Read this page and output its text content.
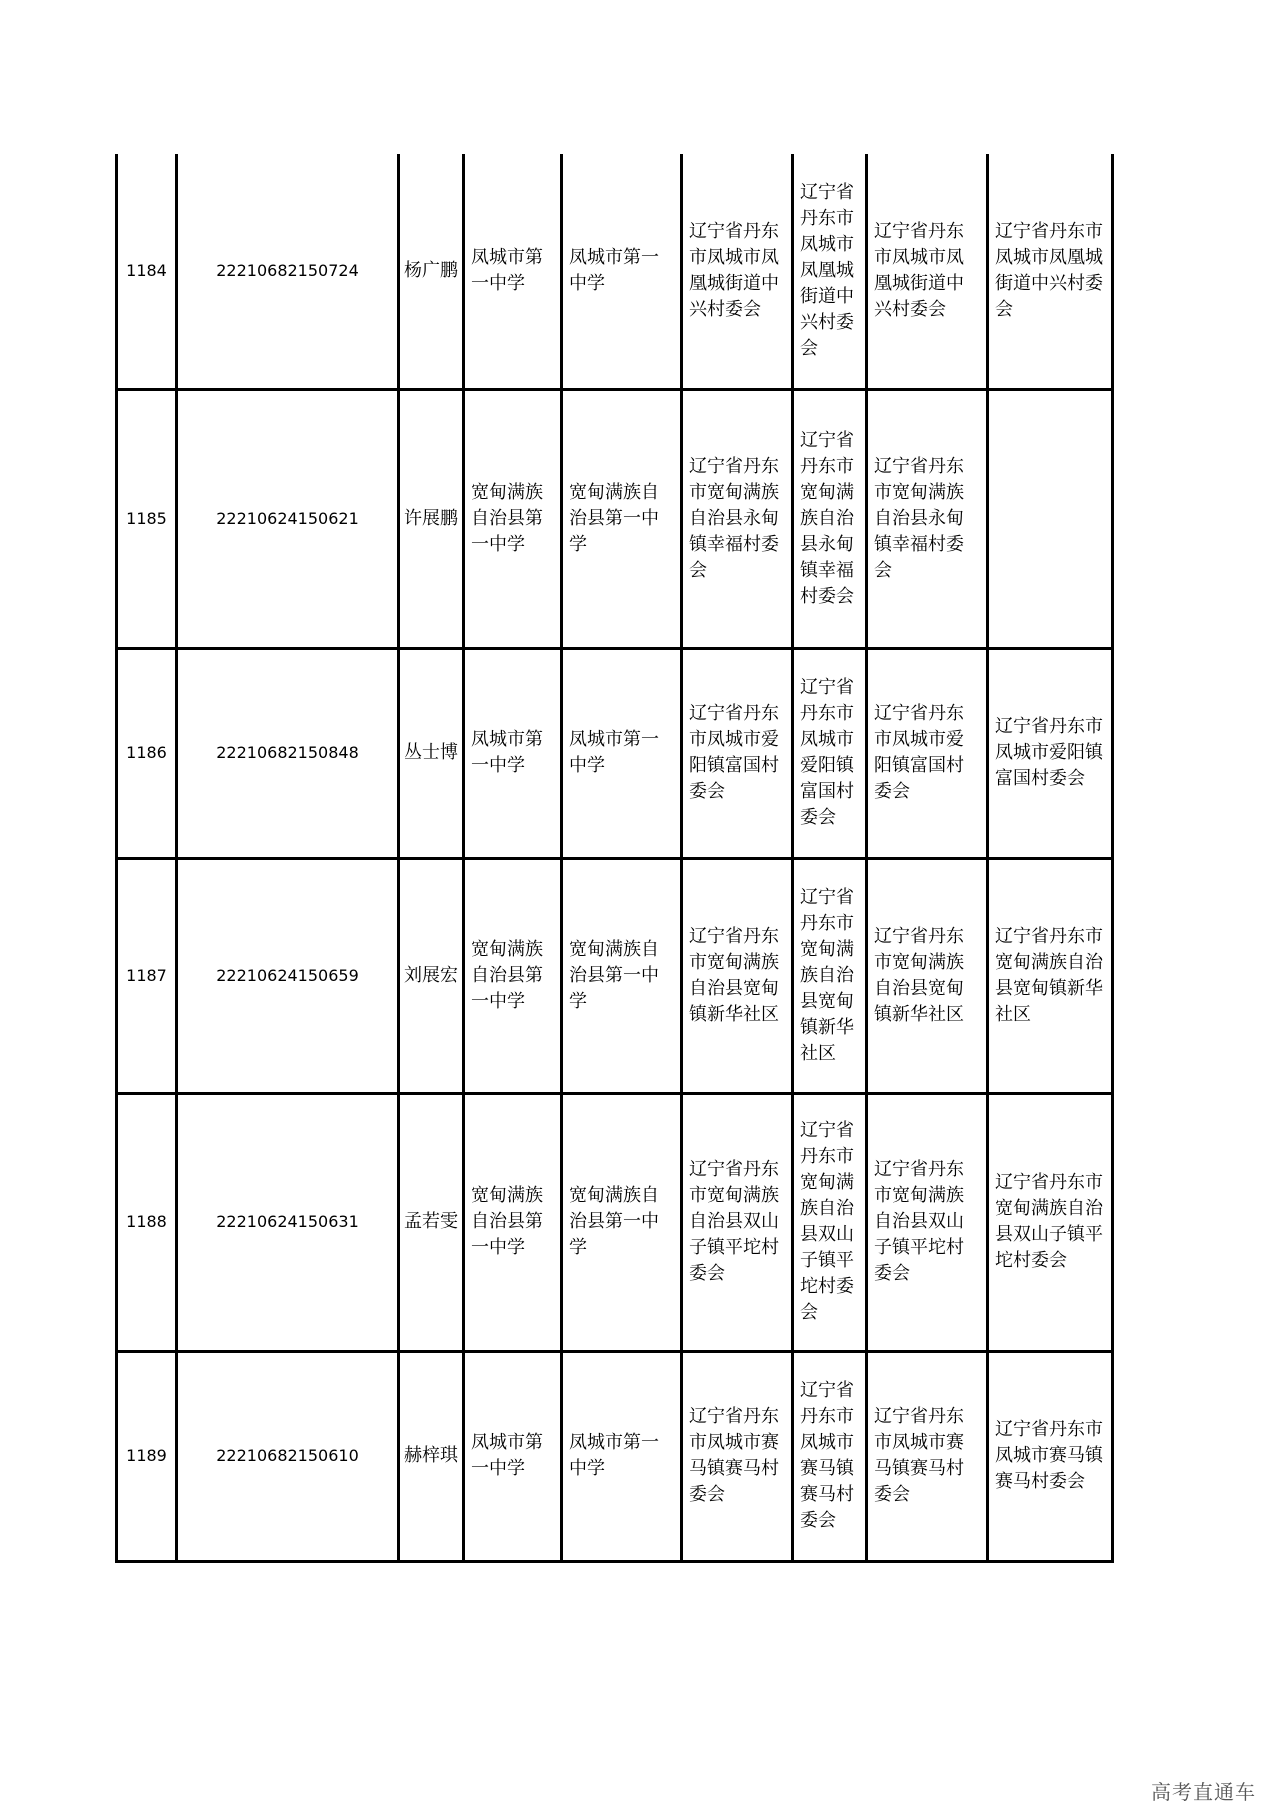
1184	22210682150724	杨广鹏	凤城市第一中学	凤城市第一中学	辽宁省丹东市凤城市凤凰城街道中兴村委会	辽宁省丹东市凤城市凤凰城街道中兴村委会	辽宁省丹东市凤城市凤凰城街道中兴村委会	辽宁省丹东市凤城市凤凰城街道中兴村委会
1185	22210624150621	许展鹏	宽甸满族自治县第一中学	宽甸满族自治县第一中学	辽宁省丹东市宽甸满族自治县永甸镇幸福村委会	辽宁省丹东市宽甸满族自治县永甸镇幸福村委会	辽宁省丹东市宽甸满族自治县永甸镇幸福村委会	
1186	22210682150848	丛士博	凤城市第一中学	凤城市第一中学	辽宁省丹东市凤城市爱阳镇富国村委会	辽宁省丹东市凤城市爱阳镇富国村委会	辽宁省丹东市凤城市爱阳镇富国村委会	辽宁省丹东市凤城市爱阳镇富国村委会
1187	22210624150659	刘展宏	宽甸满族自治县第一中学	宽甸满族自治县第一中学	辽宁省丹东市宽甸满族自治县宽甸镇新华社区	辽宁省丹东市宽甸满族自治县宽甸镇新华社区	辽宁省丹东市宽甸满族自治县宽甸镇新华社区	辽宁省丹东市宽甸满族自治县宽甸镇新华社区
1188	22210624150631	孟若雯	宽甸满族自治县第一中学	宽甸满族自治县第一中学	辽宁省丹东市宽甸满族自治县双山子镇平坨村委会	辽宁省丹东市宽甸满族自治县双山子镇平坨村委会	辽宁省丹东市宽甸满族自治县双山子镇平坨村委会	辽宁省丹东市宽甸满族自治县双山子镇平坨村委会
1189	22210682150610	赫梓琪	凤城市第一中学	凤城市第一中学	辽宁省丹东市凤城市赛马镇赛马村委会	辽宁省丹东市凤城市赛马镇赛马村委会	辽宁省丹东市凤城市赛马镇赛马村委会	辽宁省丹东市凤城市赛马镇赛马村委会
高考直通车
